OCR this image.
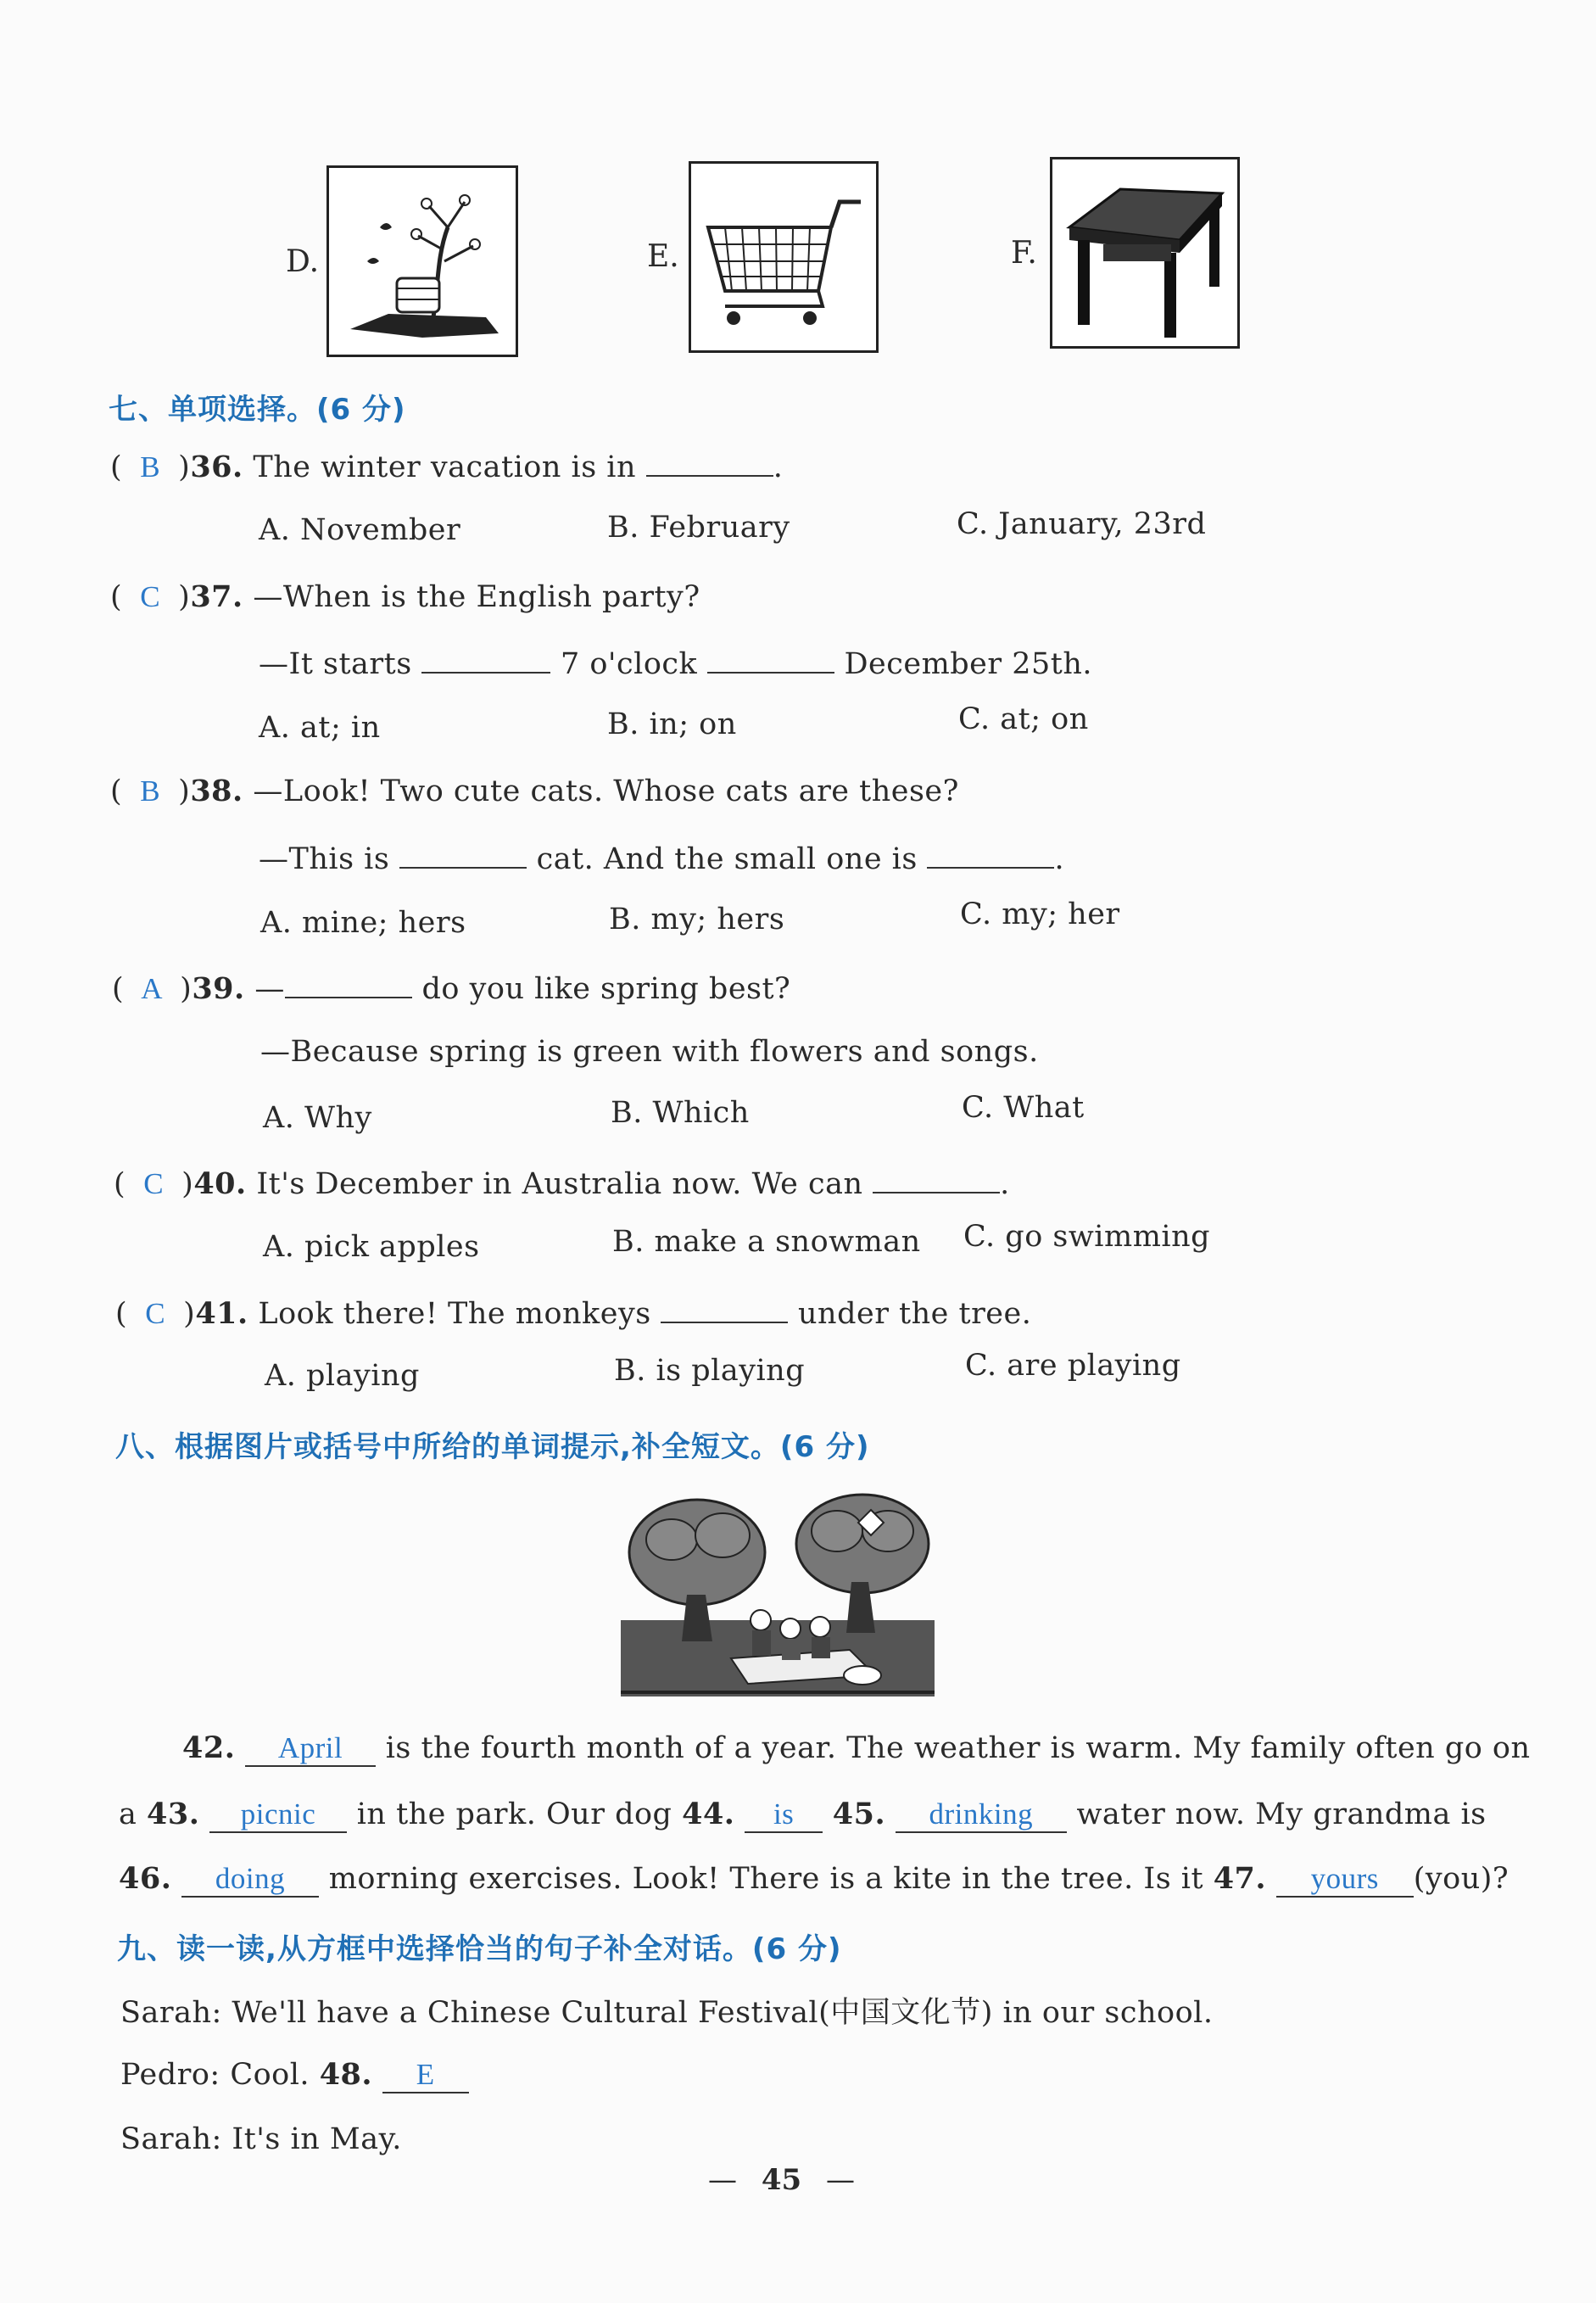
D.	E.	F.
七、单项选择。(6 分)
( B )36. The winter vacation is in	.
A. November	B. February	C. January, 23rd
( C )37. —When is the English party?
—It starts	7 o'clock	December 25th.
A. at; in	B. in; on	C. at; on
( B )38. —Look! Two cute cats. Whose cats are these?
—This is	cat. And the small one is	.
A. mine; hers	B. my; hers	C. my; her
( A )39. —	do you like spring best?
—Because spring is green with flowers and songs.
A. Why	B. Which	C. What
( C )40. It's December in Australia now. We can	.
A. pick apples	B. make a snowman C. go swimming
( C )41. Look there! The monkeys	under the tree.
A. playing	B. is playing	C. are playing
八、根据图片或括号中所给的单词提示,补全短文。(6 分)
42. April is the fourth month of a year. The weather is warm. My family often go on
a 43. picnic in the park. Our dog 44. is 45. drinking water now. My grandma is
46. doing morning exercises. Look! There is a kite in the tree. Is it 47. yours (you)?
九、读一读,从方框中选择恰当的句子补全对话。(6 分)
Sarah: We'll have a Chinese Cultural Festival(中国文化节) in our school.
Pedro: Cool. 48. E
Sarah: It's in May.
— 45 —
